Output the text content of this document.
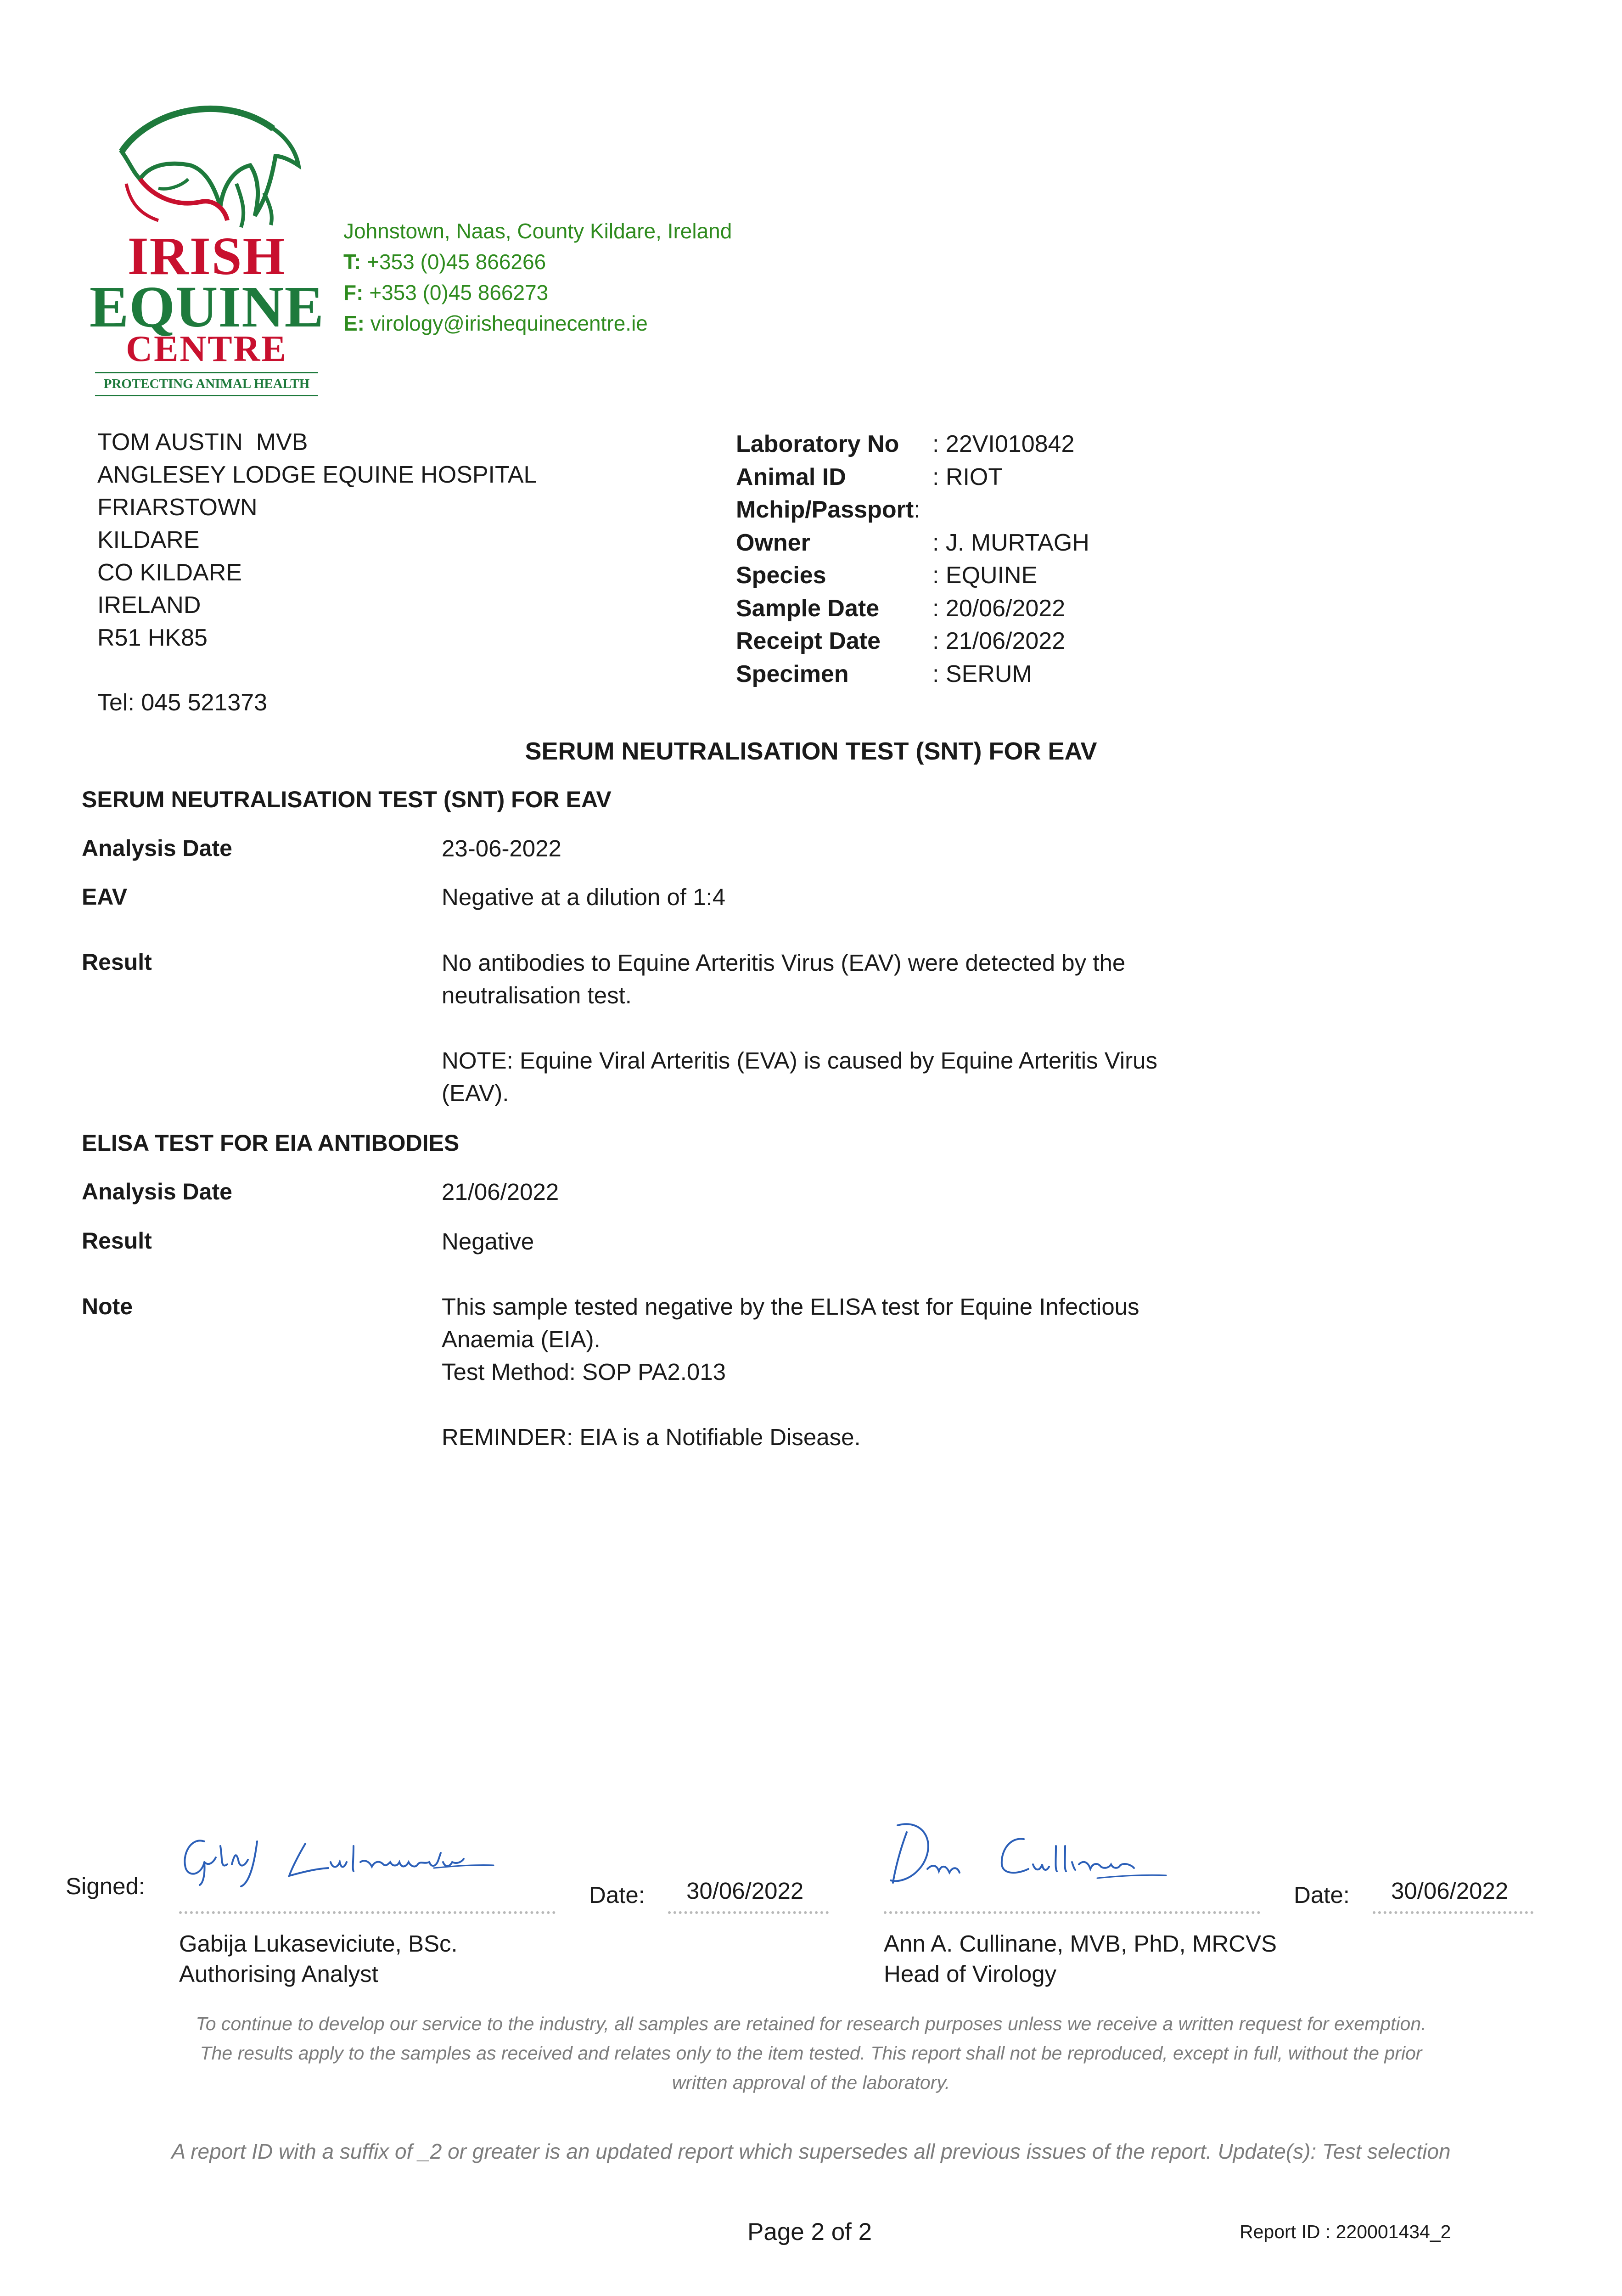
IRISH
EQUINE
CENTRE
PROTECTING ANIMAL HEALTH
Johnstown, Naas, County Kildare, Ireland
T: +353 (0)45 866266
F: +353 (0)45 866273
E: virology@irishequinecentre.ie
TOM AUSTIN  MVB
ANGLESEY LODGE EQUINE HOSPITAL
FRIARSTOWN
KILDARE
CO KILDARE
IRELAND
R51 HK85
Tel: 045 521373
Laboratory No	: 22VI010842
Animal ID	: RIOT
Mchip/Passport :
Owner	: J. MURTAGH
Species	: EQUINE
Sample Date	: 20/06/2022
Receipt Date	: 21/06/2022
Specimen	: SERUM
SERUM NEUTRALISATION TEST (SNT) FOR EAV
SERUM NEUTRALISATION TEST (SNT) FOR EAV
Analysis Date	23-06-2022
EAV	Negative at a dilution of 1:4
Result	No antibodies to Equine Arteritis Virus (EAV) were detected by the neutralisation test.
NOTE: Equine Viral Arteritis (EVA) is caused by Equine Arteritis Virus (EAV).
ELISA TEST FOR EIA ANTIBODIES
Analysis Date	21/06/2022
Result	Negative
Note	This sample tested negative by the ELISA test for Equine Infectious Anaemia (EIA).
Test Method: SOP PA2.013
REMINDER: EIA is a Notifiable Disease.
Signed:	Date: 30/06/2022
Gabija Lukaseviciute, BSc.
Authorising Analyst
Date: 30/06/2022
Ann A. Cullinane, MVB, PhD, MRCVS
Head of Virology
To continue to develop our service to the industry, all samples are retained for research purposes unless we receive a written request for exemption.
The results apply to the samples as received and relates only to the item tested. This report shall not be reproduced, except in full, without the prior written approval of the laboratory.
A report ID with a suffix of _2 or greater is an updated report which supersedes all previous issues of the report. Update(s): Test selection
Page 2 of 2	Report ID : 220001434_2
